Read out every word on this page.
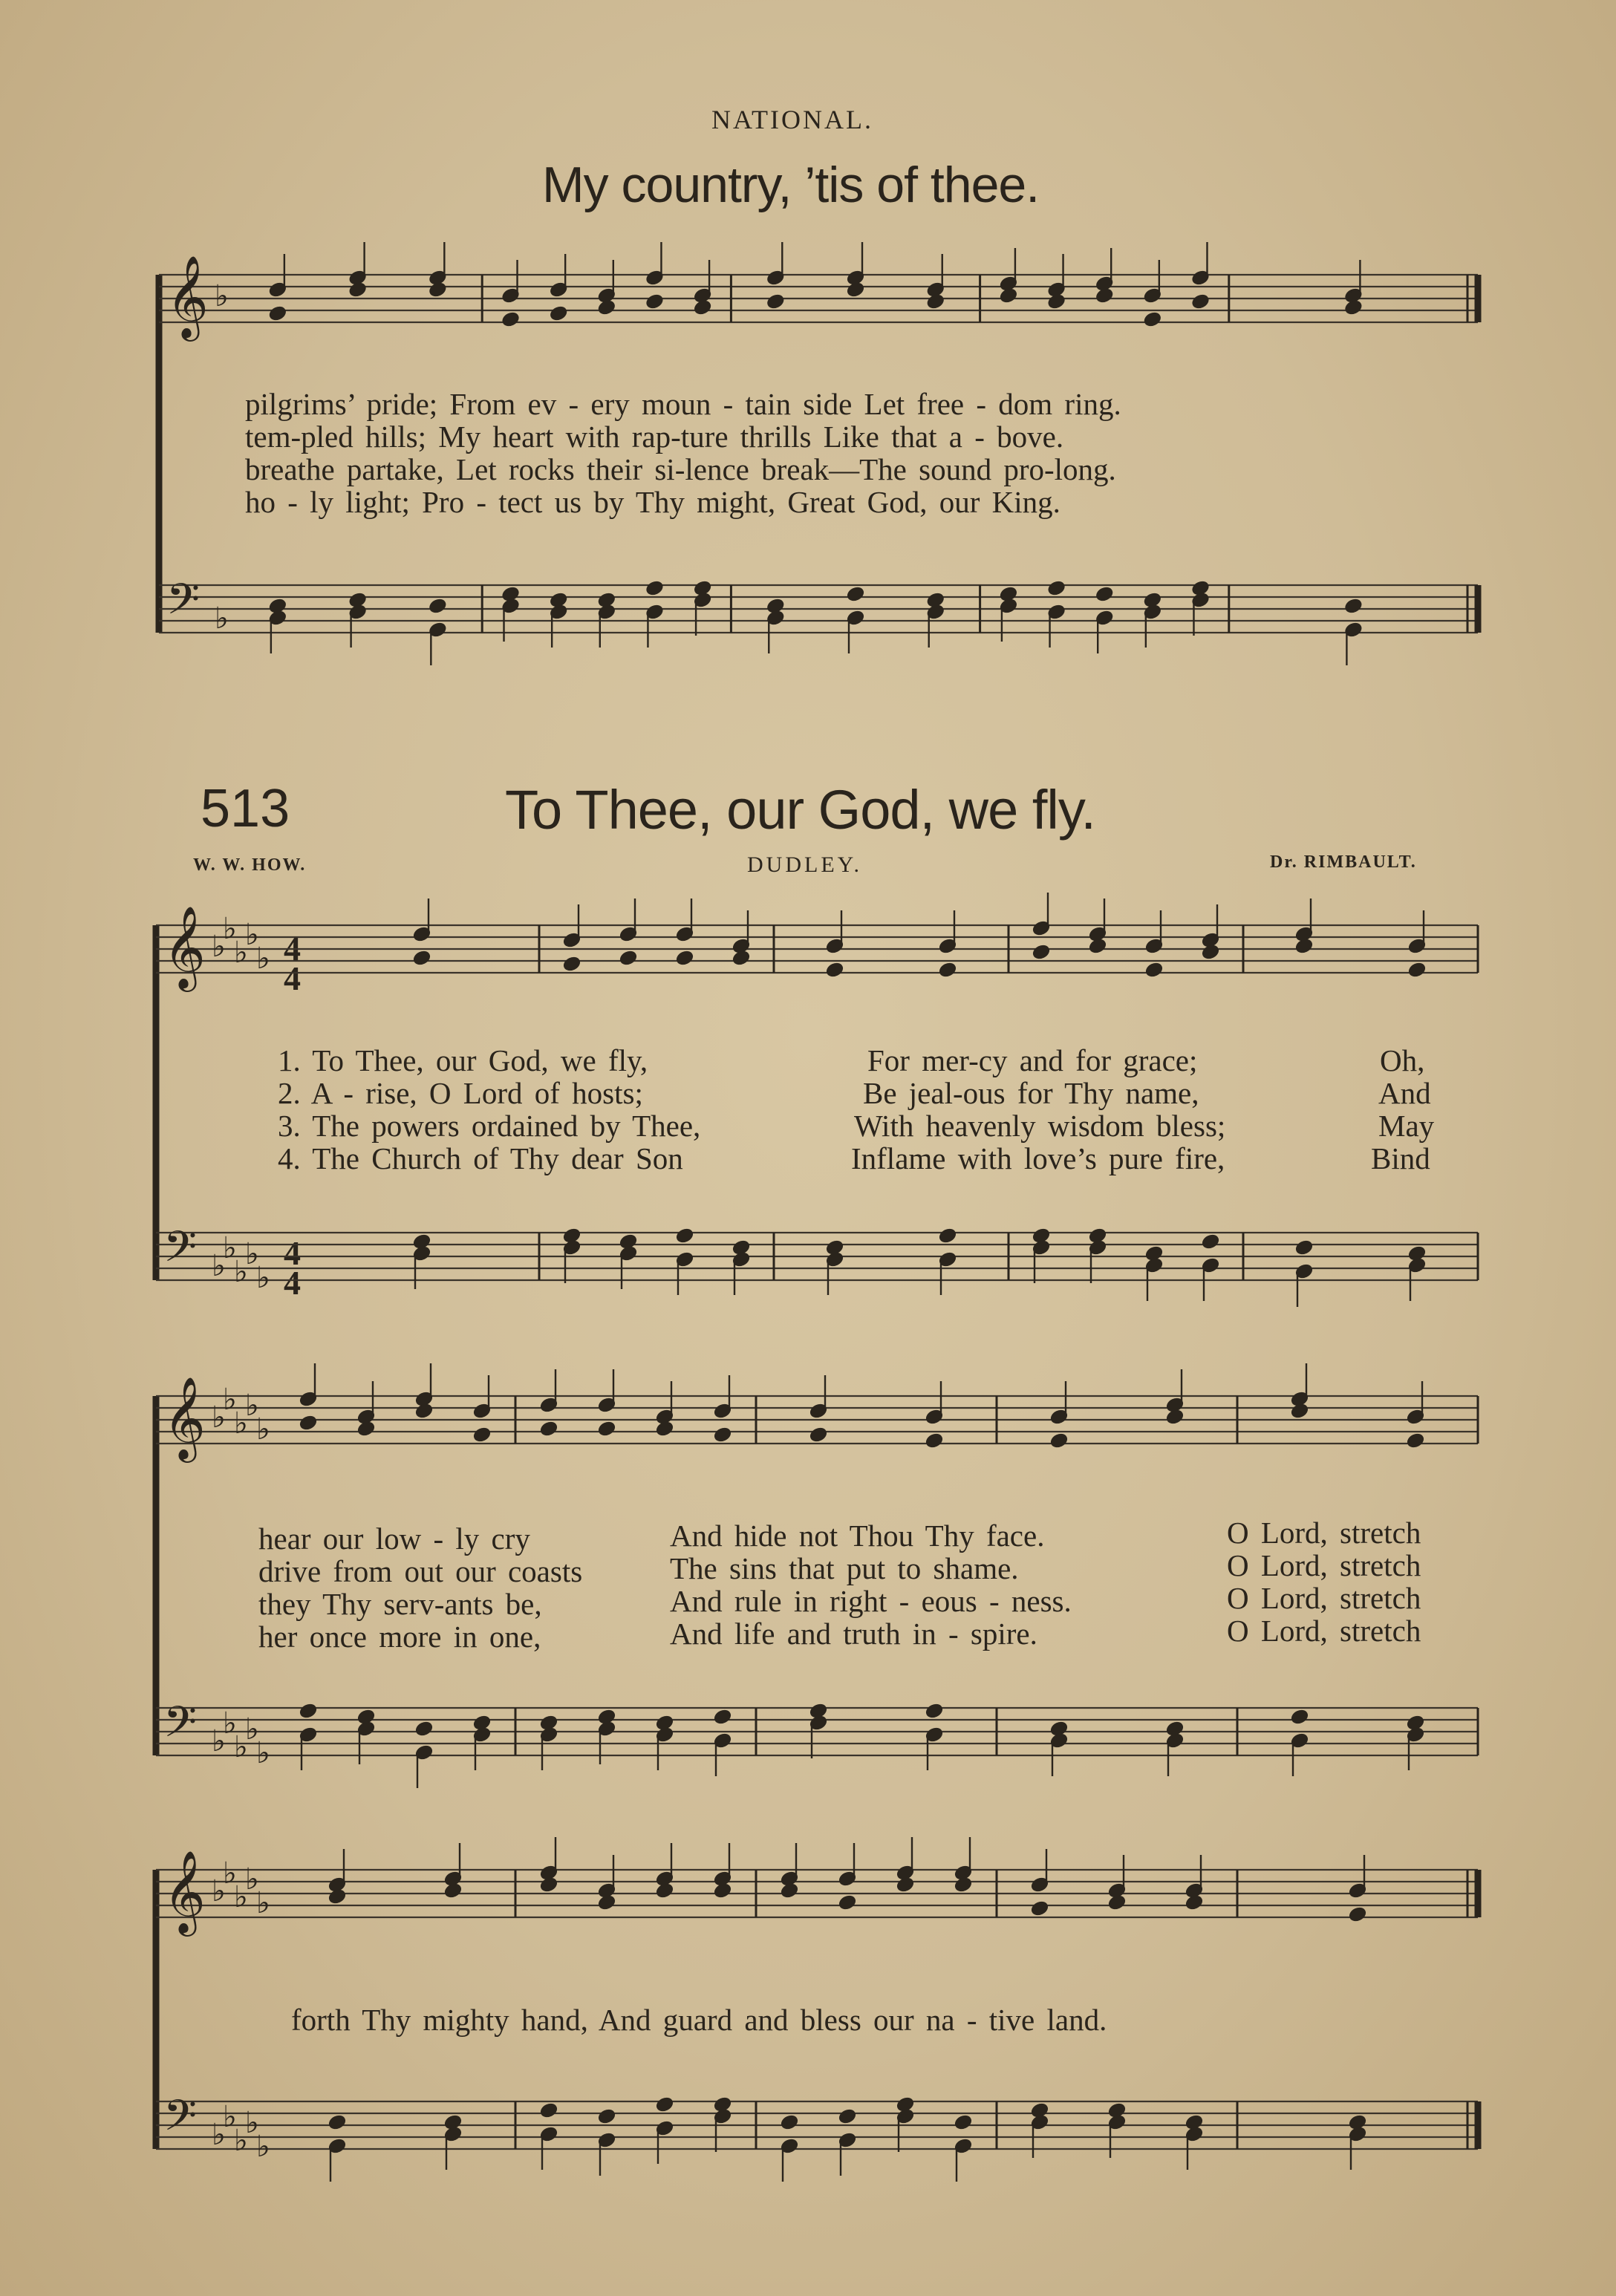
NATIONAL.
My country, ’tis of thee.
513	To Thee, our God, we fly.
W. W. HOW.	DUDLEY.	Dr. RIMBAULT.
pilgrims’ pride; From ev - ery moun - tain side Let free - dom ring.
tem-pled hills; My heart with rap-ture thrills Like that a - bove.
breathe partake, Let rocks their si-lence break—The sound pro-long.
ho - ly light; Pro - tect us by Thy might, Great God, our King.
1. To Thee, our God, we fly,	For mer-cy and for grace;	Oh,
2. A - rise, O Lord of hosts;	Be jeal-ous for Thy name,	And
3. The powers ordained by Thee,	With heavenly wisdom bless;	May
4. The Church of Thy dear Son	Inflame with love’s pure fire,	Bind
hear our low - ly cry	And hide not Thou Thy face.	O Lord, stretch
drive from out our coasts	The sins that put to shame.	O Lord, stretch
they Thy serv-ants be,	And rule in right - eous - ness.	O Lord, stretch
her once more in one,	And life and truth in - spire.	O Lord, stretch
forth Thy mighty hand, And guard and bless our na - tive land.
4
4
4
4
𝄞
𝄢
♭
♭
𝄞
𝄢
♭
♭
♭
♭
♭
♭
♭
♭
♭
♭
𝄞
𝄢
♭
♭
♭
♭
♭
♭
♭
♭
♭
♭
𝄞
𝄢
♭
♭
♭
♭
♭
♭
♭
♭
♭
♭
